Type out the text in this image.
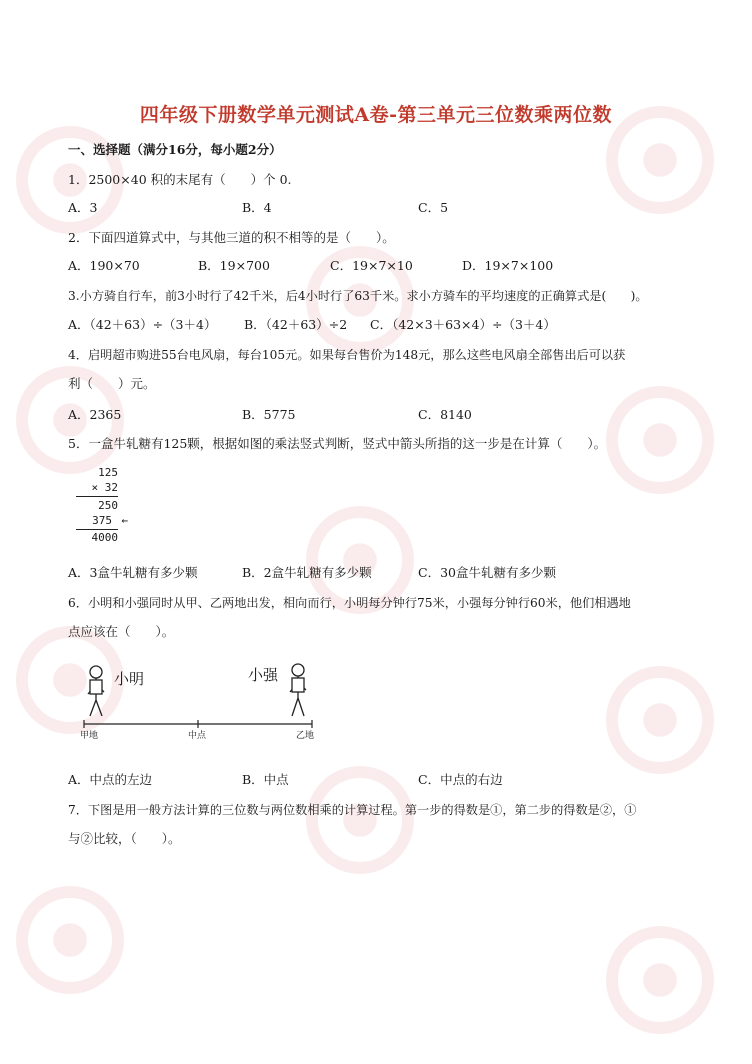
四年级下册数学单元测试A卷-第三单元三位数乘两位数
一、选择题（满分16分，每小题2分）
1．2500×40 积的末尾有（　　）个 0.
A．3	B．4	C．5
2．下面四道算式中，与其他三道的积不相等的是（　　）。
A．190×70	B．19×700	C．19×7×10	D．19×7×100
3.小方骑自行车，前3小时行了42千米，后4小时行了63千米。求小方骑车的平均速度的正确算式是(　　)。
A．（42＋63）÷（3＋4） B．（42＋63）÷2 C．（42×3＋63×4）÷（3＋4）
4．启明超市购进55台电风扇，每台105元。如果每台售价为148元，那么这些电风扇全部售出后可以获
利（　　）元。
A．2365	B．5775	C．8140
5．一盒牛轧糖有125颗，根据如图的乘法竖式判断，竖式中箭头所指的这一步是在计算（　　）。
125
× 32
250
375 ←
4000
A．3盒牛轧糖有多少颗	B．2盒牛轧糖有多少颗	C．30盒牛轧糖有多少颗
6．小明和小强同时从甲、乙两地出发，相向而行，小明每分钟行75米，小强每分钟行60米，他们相遇地
点应该在（　　）。
小明	小强
甲地	中点	乙地
A．中点的左边	B．中点	C．中点的右边
7．下图是用一般方法计算的三位数与两位数相乘的计算过程。第一步的得数是①，第二步的得数是②，①
与②比较，（　　）。
